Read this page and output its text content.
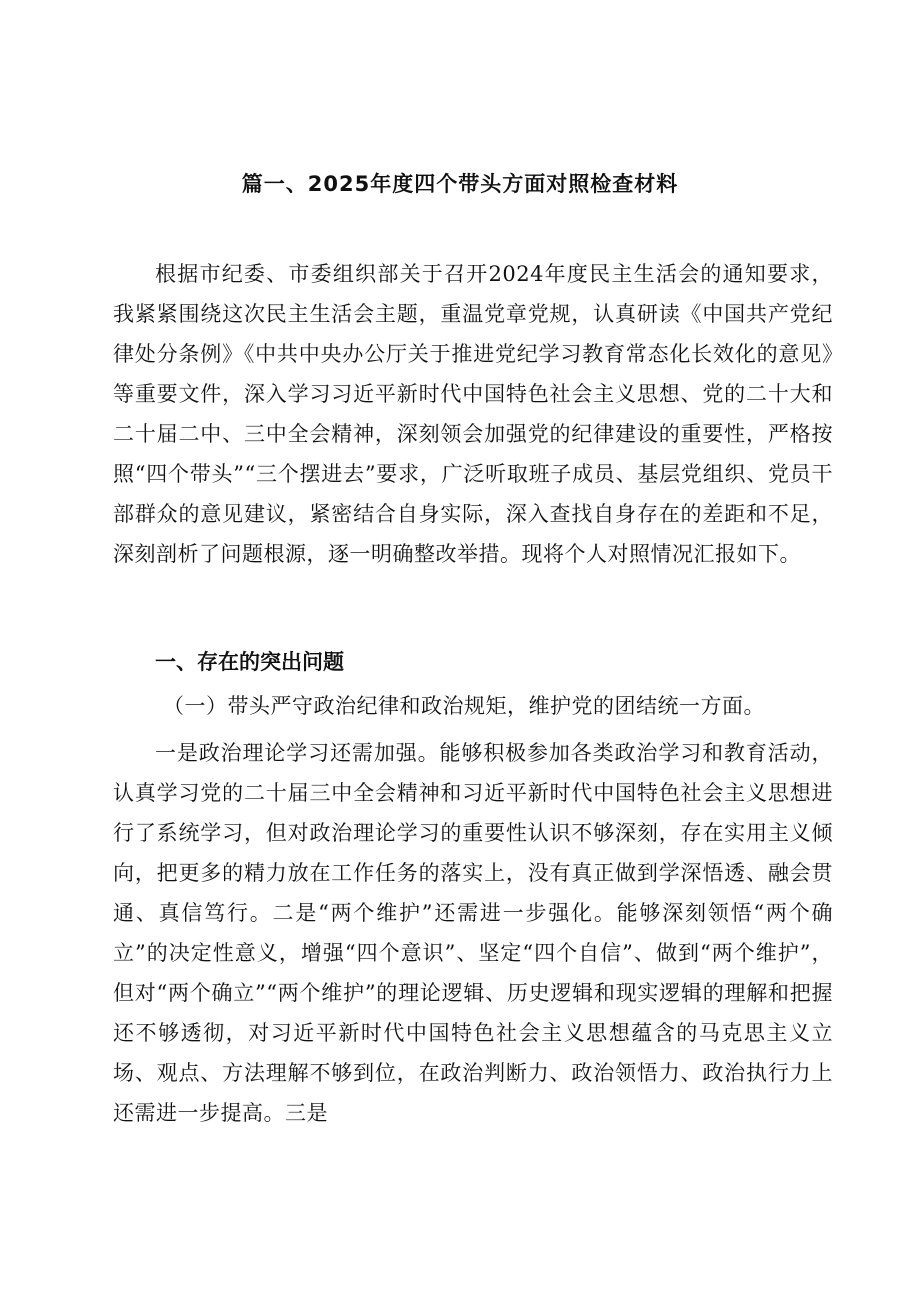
篇一、2025年度四个带头方面对照检查材料

根据市纪委、市委组织部关于召开2024年度民主生活会的通知要求，我紧紧围绕这次民主生活会主题，重温党章党规，认真研读《中国共产党纪律处分条例》《中共中央办公厅关于推进党纪学习教育常态化长效化的意见》等重要文件，深入学习习近平新时代中国特色社会主义思想、党的二十大和二十届二中、三中全会精神，深刻领会加强党的纪律建设的重要性，严格按照“四个带头”“三个摆进去”要求，广泛听取班子成员、基层党组织、党员干部群众的意见建议，紧密结合自身实际，深入查找自身存在的差距和不足，深刻剖析了问题根源，逐一明确整改举措。现将个人对照情况汇报如下。

一、存在的突出问题
（一）带头严守政治纪律和政治规矩，维护党的团结统一方面。

一是政治理论学习还需加强。能够积极参加各类政治学习和教育活动，认真学习党的二十届三中全会精神和习近平新时代中国特色社会主义思想进行了系统学习，但对政治理论学习的重要性认识不够深刻，存在实用主义倾向，把更多的精力放在工作任务的落实上，没有真正做到学深悟透、融会贯通、真信笃行。二是“两个维护”还需进一步强化。能够深刻领悟“两个确立”的决定性意义，增强“四个意识”、坚定“四个自信”、做到“两个维护”，但对“两个确立”“两个维护”的理论逻辑、历史逻辑和现实逻辑的理解和把握还不够透彻，对习近平新时代中国特色社会主义思想蕴含的马克思主义立场、观点、方法理解不够到位，在政治判断力、政治领悟力、政治执行力上还需进一步提高。三是
